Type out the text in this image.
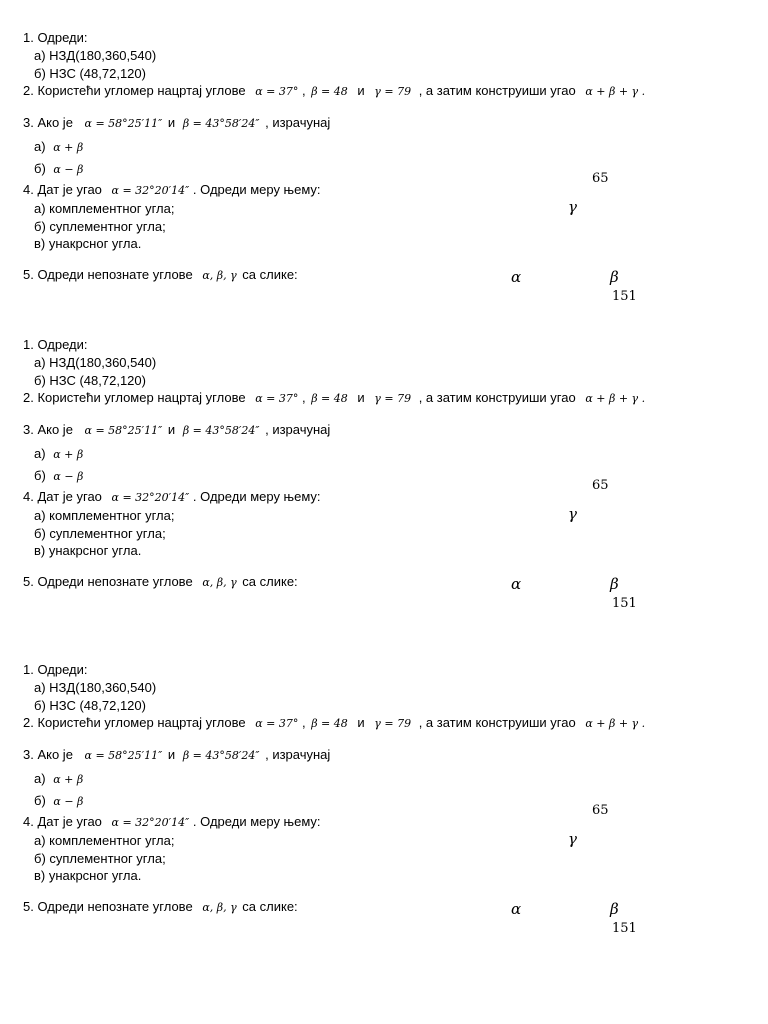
1. Одреди:
а) НЗД(180,360,540)
б) НЗС (48,72,120)
2. Користећи угломер нацртај углове α = 37° , β = 48 и γ = 79 , а затим конструиши угао α + β + γ .
3. Ако је α = 58°25′11″ и β = 43°58′24″ , израчунај
а) α + β
б) α − β
4. Дат је угао α = 32°20′14″ . Одреди меру њему:
а) комплементног угла;
б) суплементног угла;
в) унакрсног угла.
5. Одреди непознате углове α, β, γ са слике:
65
γ
α	β
151
1. Одреди:
а) НЗД(180,360,540)
б) НЗС (48,72,120)
2. Користећи угломер нацртај углове α = 37° , β = 48 и γ = 79 , а затим конструиши угао α + β + γ .
3. Ако је α = 58°25′11″ и β = 43°58′24″ , израчунај
а) α + β
б) α − β
4. Дат је угао α = 32°20′14″ . Одреди меру њему:
а) комплементног угла;
б) суплементног угла;
в) унакрсног угла.
5. Одреди непознате углове α, β, γ са слике:
65
γ
α	β
151
1. Одреди:
а) НЗД(180,360,540)
б) НЗС (48,72,120)
2. Користећи угломер нацртај углове α = 37° , β = 48 и γ = 79 , а затим конструиши угао α + β + γ .
3. Ако је α = 58°25′11″ и β = 43°58′24″ , израчунај
а) α + β
б) α − β
4. Дат је угао α = 32°20′14″ . Одреди меру њему:
а) комплементног угла;
б) суплементног угла;
в) унакрсног угла.
5. Одреди непознате углове α, β, γ са слике:
65
γ
α	β
151
